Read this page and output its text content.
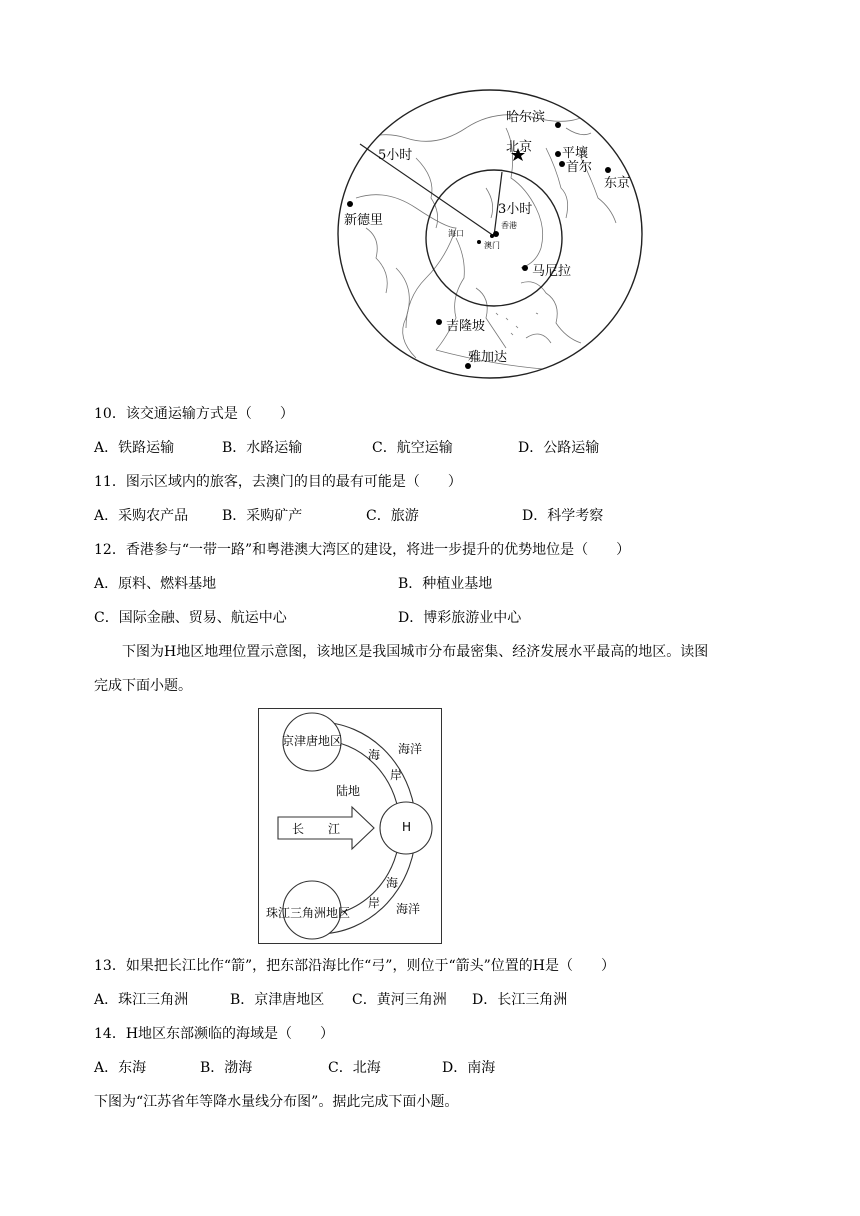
哈尔滨
北京 平壤
首尔
东京
新德里
5小时
3小时
香港
澳门
海口
马尼拉
吉隆坡
雅加达
10．该交通运输方式是（　　）
A．铁路运输	B．水路运输	C．航空运输	D．公路运输
11．图示区域内的旅客，去澳门的目的最有可能是（　　）
A．采购农产品 B．采购矿产	C．旅游	D．科学考察
12．香港参与“一带一路”和粤港澳大湾区的建设，将进一步提升的优势地位是（　　）
A．原料、燃料基地	B．种植业基地
C．国际金融、贸易、航运中心	D．博彩旅游业中心
下图为H地区地理位置示意图，该地区是我国城市分布最密集、经济发展水平最高的地区。读图
完成下面小题。
京津唐地区
珠江三角洲地区
H
长 江
陆地
海
岸
海洋
海
岸 海洋
13．如果把长江比作“箭”，把东部沿海比作“弓”，则位于“箭头”位置的H是（　　）
A．珠江三角洲	B．京津唐地区 C．黄河三角洲 D．长江三角洲
14．H地区东部濒临的海域是（　　）
A．东海	B．渤海	C．北海	D．南海
下图为“江苏省年等降水量线分布图”。据此完成下面小题。
